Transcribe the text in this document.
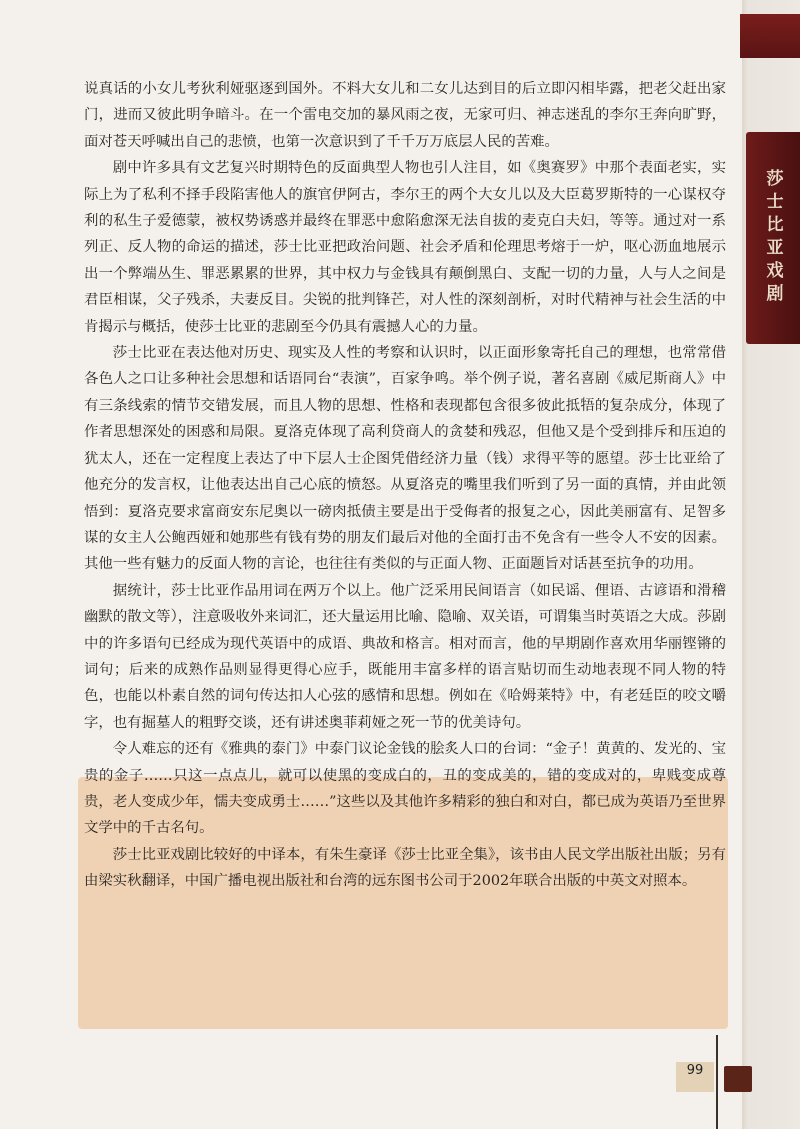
莎士比亚戏剧

说真话的小女儿考狄利娅驱逐到国外。不料大女儿和二女儿达到目的后立即闪相毕露，把老父赶出家门，进而又彼此明争暗斗。在一个雷电交加的暴风雨之夜，无家可归、神志迷乱的李尔王奔向旷野，面对苍天呼喊出自己的悲愤，也第一次意识到了千千万万底层人民的苦难。

剧中许多具有文艺复兴时期特色的反面典型人物也引人注目，如《奥赛罗》中那个表面老实，实际上为了私利不择手段陷害他人的旗官伊阿古，李尔王的两个大女儿以及大臣葛罗斯特的一心谋权夺利的私生子爱德蒙，被权势诱惑并最终在罪恶中愈陷愈深无法自拔的麦克白夫妇，等等。通过对一系列正、反人物的命运的描述，莎士比亚把政治问题、社会矛盾和伦理思考熔于一炉，呕心沥血地展示出一个弊端丛生、罪恶累累的世界，其中权力与金钱具有颠倒黑白、支配一切的力量，人与人之间是君臣相谋，父子残杀，夫妻反目。尖锐的批判锋芒，对人性的深刻剖析，对时代精神与社会生活的中肯揭示与概括，使莎士比亚的悲剧至今仍具有震撼人心的力量。

莎士比亚在表达他对历史、现实及人性的考察和认识时，以正面形象寄托自己的理想，也常常借各色人之口让多种社会思想和话语同台“表演”，百家争鸣。举个例子说，著名喜剧《威尼斯商人》中有三条线索的情节交错发展，而且人物的思想、性格和表现都包含很多彼此抵牾的复杂成分，体现了作者思想深处的困惑和局限。夏洛克体现了高利贷商人的贪婪和残忍，但他又是个受到排斥和压迫的犹太人，还在一定程度上表达了中下层人士企图凭借经济力量（钱）求得平等的愿望。莎士比亚给了他充分的发言权，让他表达出自己心底的愤怒。从夏洛克的嘴里我们听到了另一面的真情，并由此领悟到：夏洛克要求富商安东尼奥以一磅肉抵债主要是出于受侮者的报复之心，因此美丽富有、足智多谋的女主人公鲍西娅和她那些有钱有势的朋友们最后对他的全面打击不免含有一些令人不安的因素。其他一些有魅力的反面人物的言论，也往往有类似的与正面人物、正面题旨对话甚至抗争的功用。

据统计，莎士比亚作品用词在两万个以上。他广泛采用民间语言（如民谣、俚语、古谚语和滑稽幽默的散文等），注意吸收外来词汇，还大量运用比喻、隐喻、双关语，可谓集当时英语之大成。莎剧中的许多语句已经成为现代英语中的成语、典故和格言。相对而言，他的早期剧作喜欢用华丽铿锵的词句；后来的成熟作品则显得更得心应手，既能用丰富多样的语言贴切而生动地表现不同人物的特色，也能以朴素自然的词句传达扣人心弦的感情和思想。例如在《哈姆莱特》中，有老廷臣的咬文嚼字，也有掘墓人的粗野交谈，还有讲述奥菲莉娅之死一节的优美诗句。

令人难忘的还有《雅典的泰门》中泰门议论金钱的脍炙人口的台词：“金子！黄黄的、发光的、宝贵的金子……只这一点点儿，就可以使黑的变成白的，丑的变成美的，错的变成对的，卑贱变成尊贵，老人变成少年，懦夫变成勇士……”这些以及其他许多精彩的独白和对白，都已成为英语乃至世界文学中的千古名句。

莎士比亚戏剧比较好的中译本，有朱生豪译《莎士比亚全集》，该书由人民文学出版社出版；另有由梁实秋翻译，中国广播电视出版社和台湾的远东图书公司于2002年联合出版的中英文对照本。

99
